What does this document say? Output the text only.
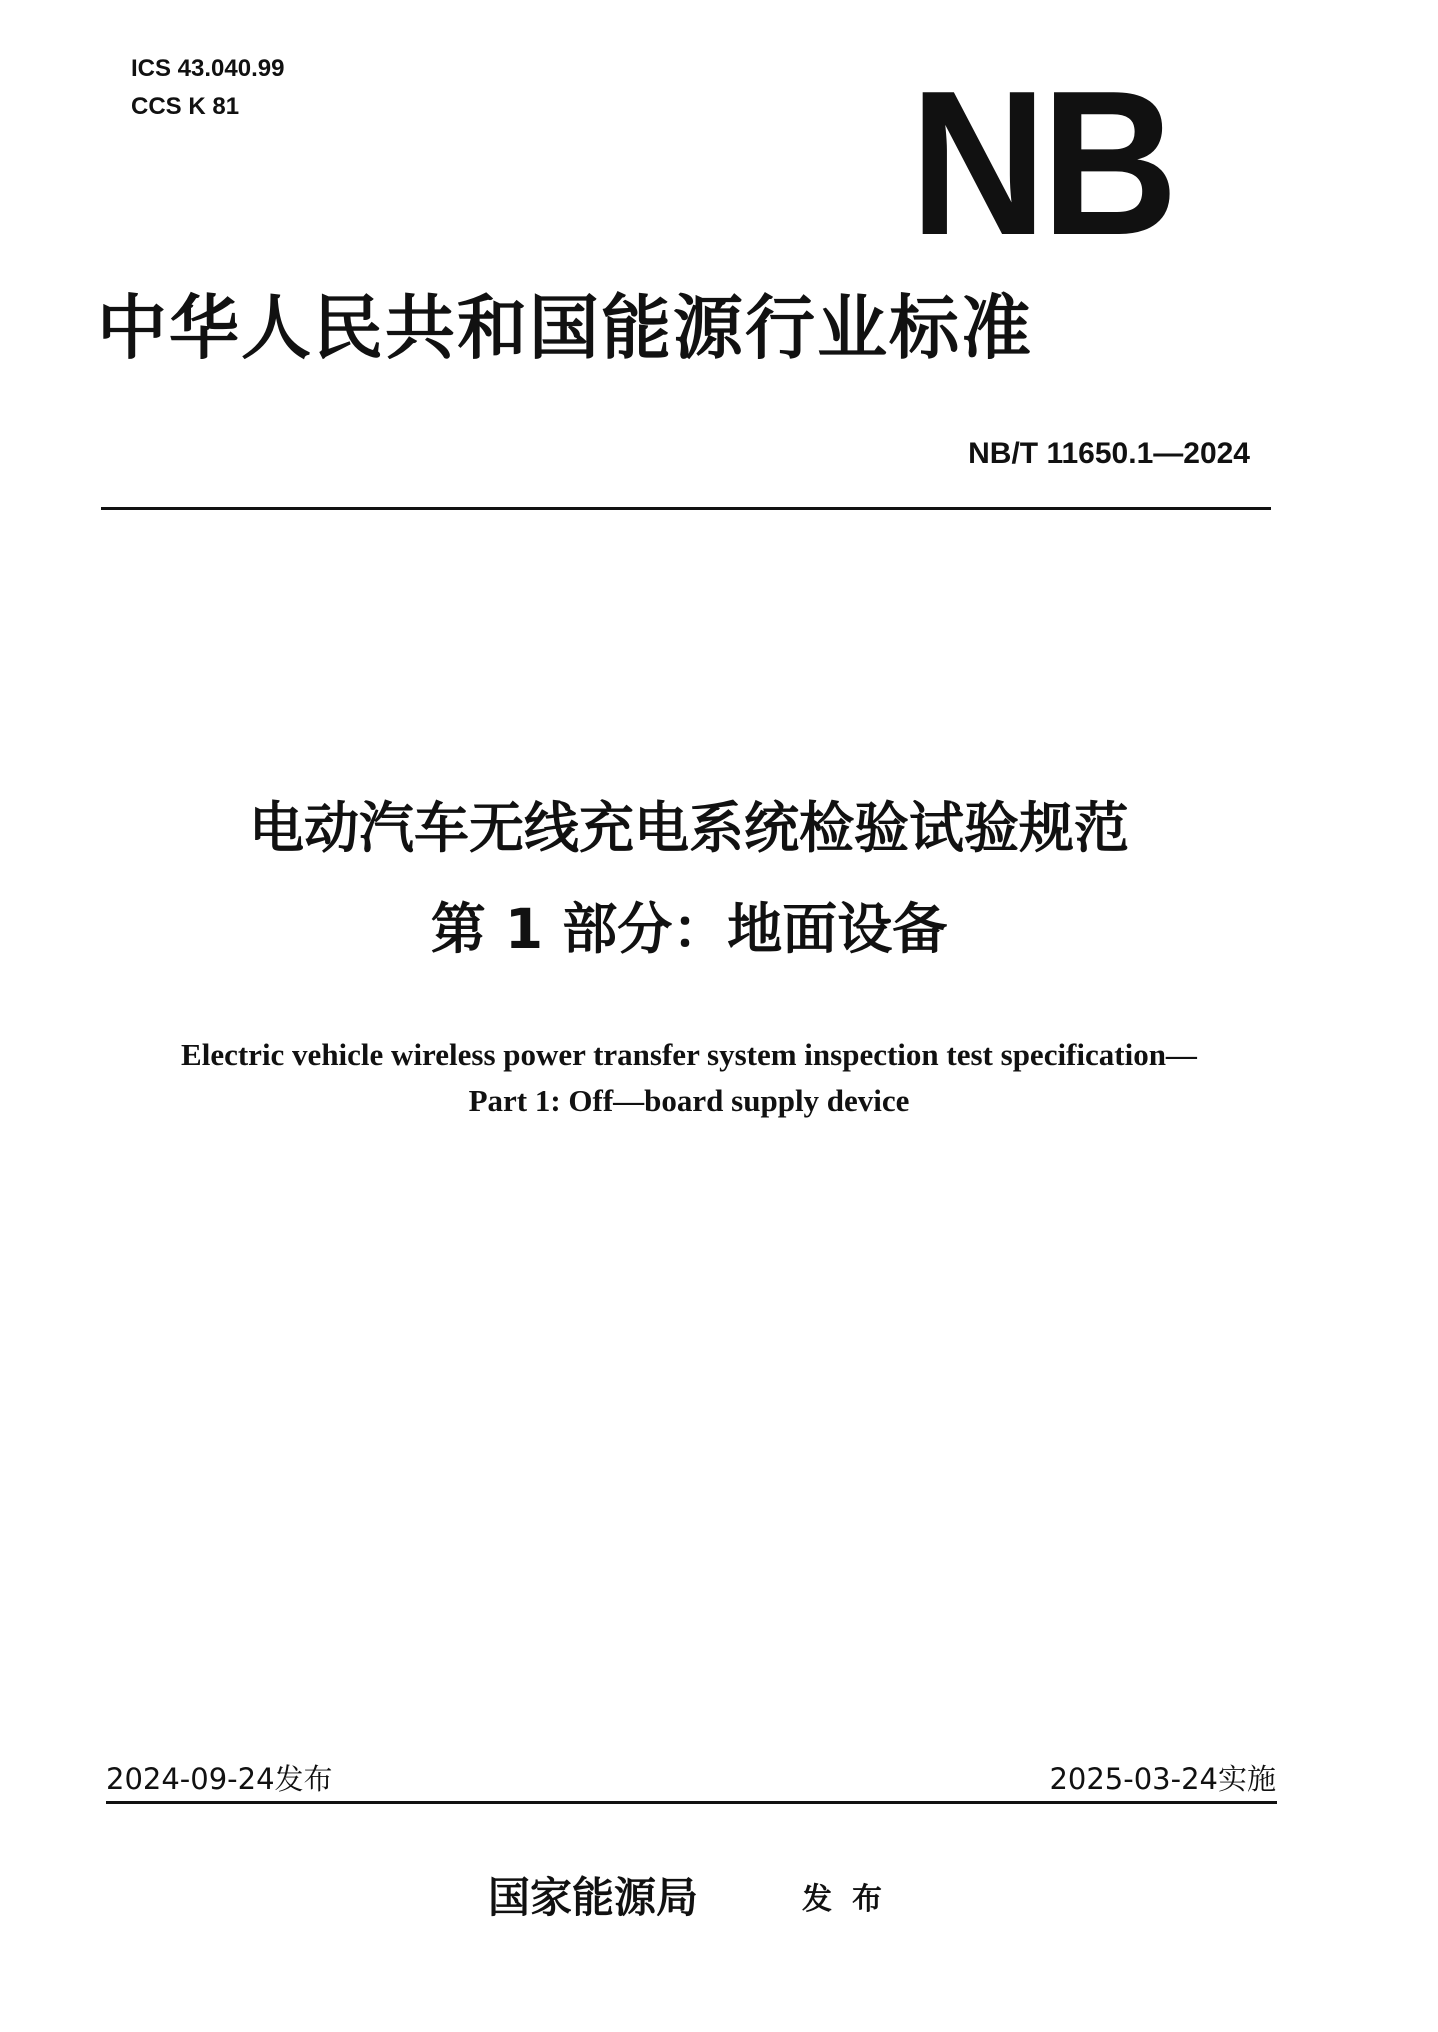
ICS 43.040.99
CCS K 81	NB
中华人民共和国能源行业标准
NB/T 11650.1—2024
电动汽车无线充电系统检验试验规范
第 1 部分：地面设备
Electric vehicle wireless power transfer system inspection test specification—
Part 1: Off—board supply device
2024-09-24发布	2025-03-24实施
国家能源局	发布
